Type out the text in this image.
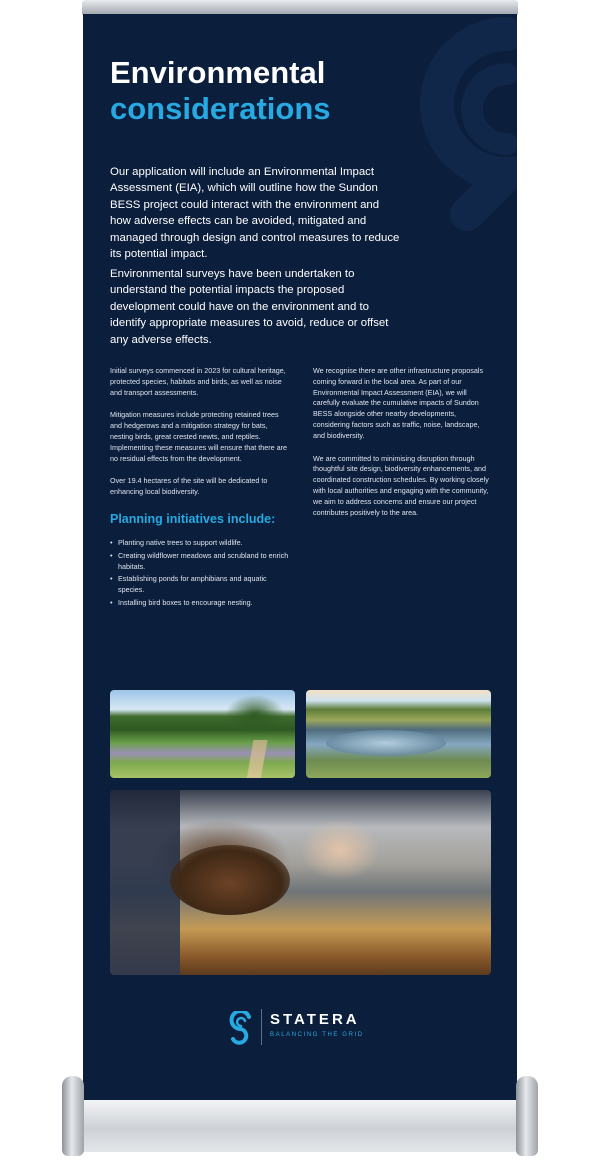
Environmental
considerations

Our application will include an Environmental Impact Assessment (EIA), which will outline how the Sundon BESS project could interact with the environment and how adverse effects can be avoided, mitigated and managed through design and control measures to reduce its potential impact.

Environmental surveys have been undertaken to understand the potential impacts the proposed development could have on the environment and to identify appropriate measures to avoid, reduce or offset any adverse effects.

Initial surveys commenced in 2023 for cultural heritage, protected species, habitats and birds, as well as noise and transport assessments.

Mitigation measures include protecting retained trees and hedgerows and a mitigation strategy for bats, nesting birds, great crested newts, and reptiles. Implementing these measures will ensure that there are no residual effects from the development.

Over 19.4 hectares of the site will be dedicated to enhancing local biodiversity.

Planning initiatives include:
• Planting native trees to support wildlife.
• Creating wildflower meadows and scrubland to enrich habitats.
• Establishing ponds for amphibians and aquatic species.
• Installing bird boxes to encourage nesting.

We recognise there are other infrastructure proposals coming forward in the local area. As part of our Environmental Impact Assessment (EIA), we will carefully evaluate the cumulative impacts of Sundon BESS alongside other nearby developments, considering factors such as traffic, noise, landscape, and biodiversity.

We are committed to minimising disruption through thoughtful site design, biodiversity enhancements, and coordinated construction schedules. By working closely with local authorities and engaging with the community, we aim to address concerns and ensure our project contributes positively to the area.

STATERA
BALANCING THE GRID
